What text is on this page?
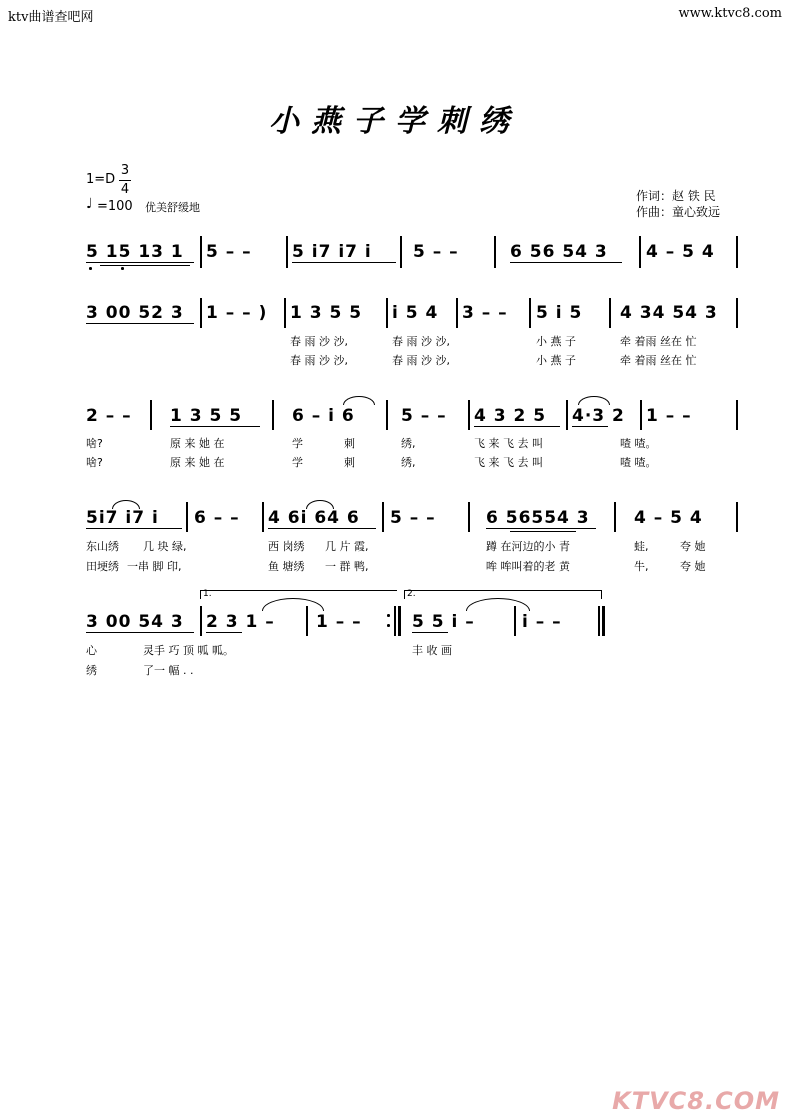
ktv曲谱查吧网	www.ktvc8.com
小燕子学刺绣
1=D
3
4
♩ =100 优美舒缓地
作词：赵 铁 民
作曲：童心致远
5 15 13 1 5 – – 5 i7 i7 i 5 – –	6 56 54 3 4 – 5 4
3 00 52 3 1 – – ) 1 3 5 5 i 5 4 3 – – 5 i 5 4 34 54 3
春 雨 沙 沙,	春 雨 沙 沙,	小 燕 子	牵 着雨 丝在 忙
春 雨 沙 沙,	春 雨 沙 沙,	小 燕 子	牵 着雨 丝在 忙
2 – – 1 3 5 5	6 – i 6	5 – – 4 3 2 5 4·3 2 1 – –
啥?	原 来 她 在	学	刺	绣,	飞 来 飞 去 叫	喳 喳。
啥?	原 来 她 在	学	刺	绣,	飞 来 飞 去 叫	喳 喳。
5i7 i7 i 6 – – 4 6i 64 6 5 – –	6 56554 3	4 – 5 4
东山绣 几 块 绿,	西 岗绣 几 片 霞,	蹲 在河边的小 青	蛙,	夸 她
田埂绣 一串 脚 印,	鱼 塘绣 一 群 鸭,	哞 哞叫着的老 黄	牛,	夸 她
1.	2.
3 00 54 3 2 3 1 – 1 – –	5 5 i –	i – –
心	灵手 巧 顶 呱 呱。	丰 收 画
绣	了一 幅 . .
KTVC8.COM
